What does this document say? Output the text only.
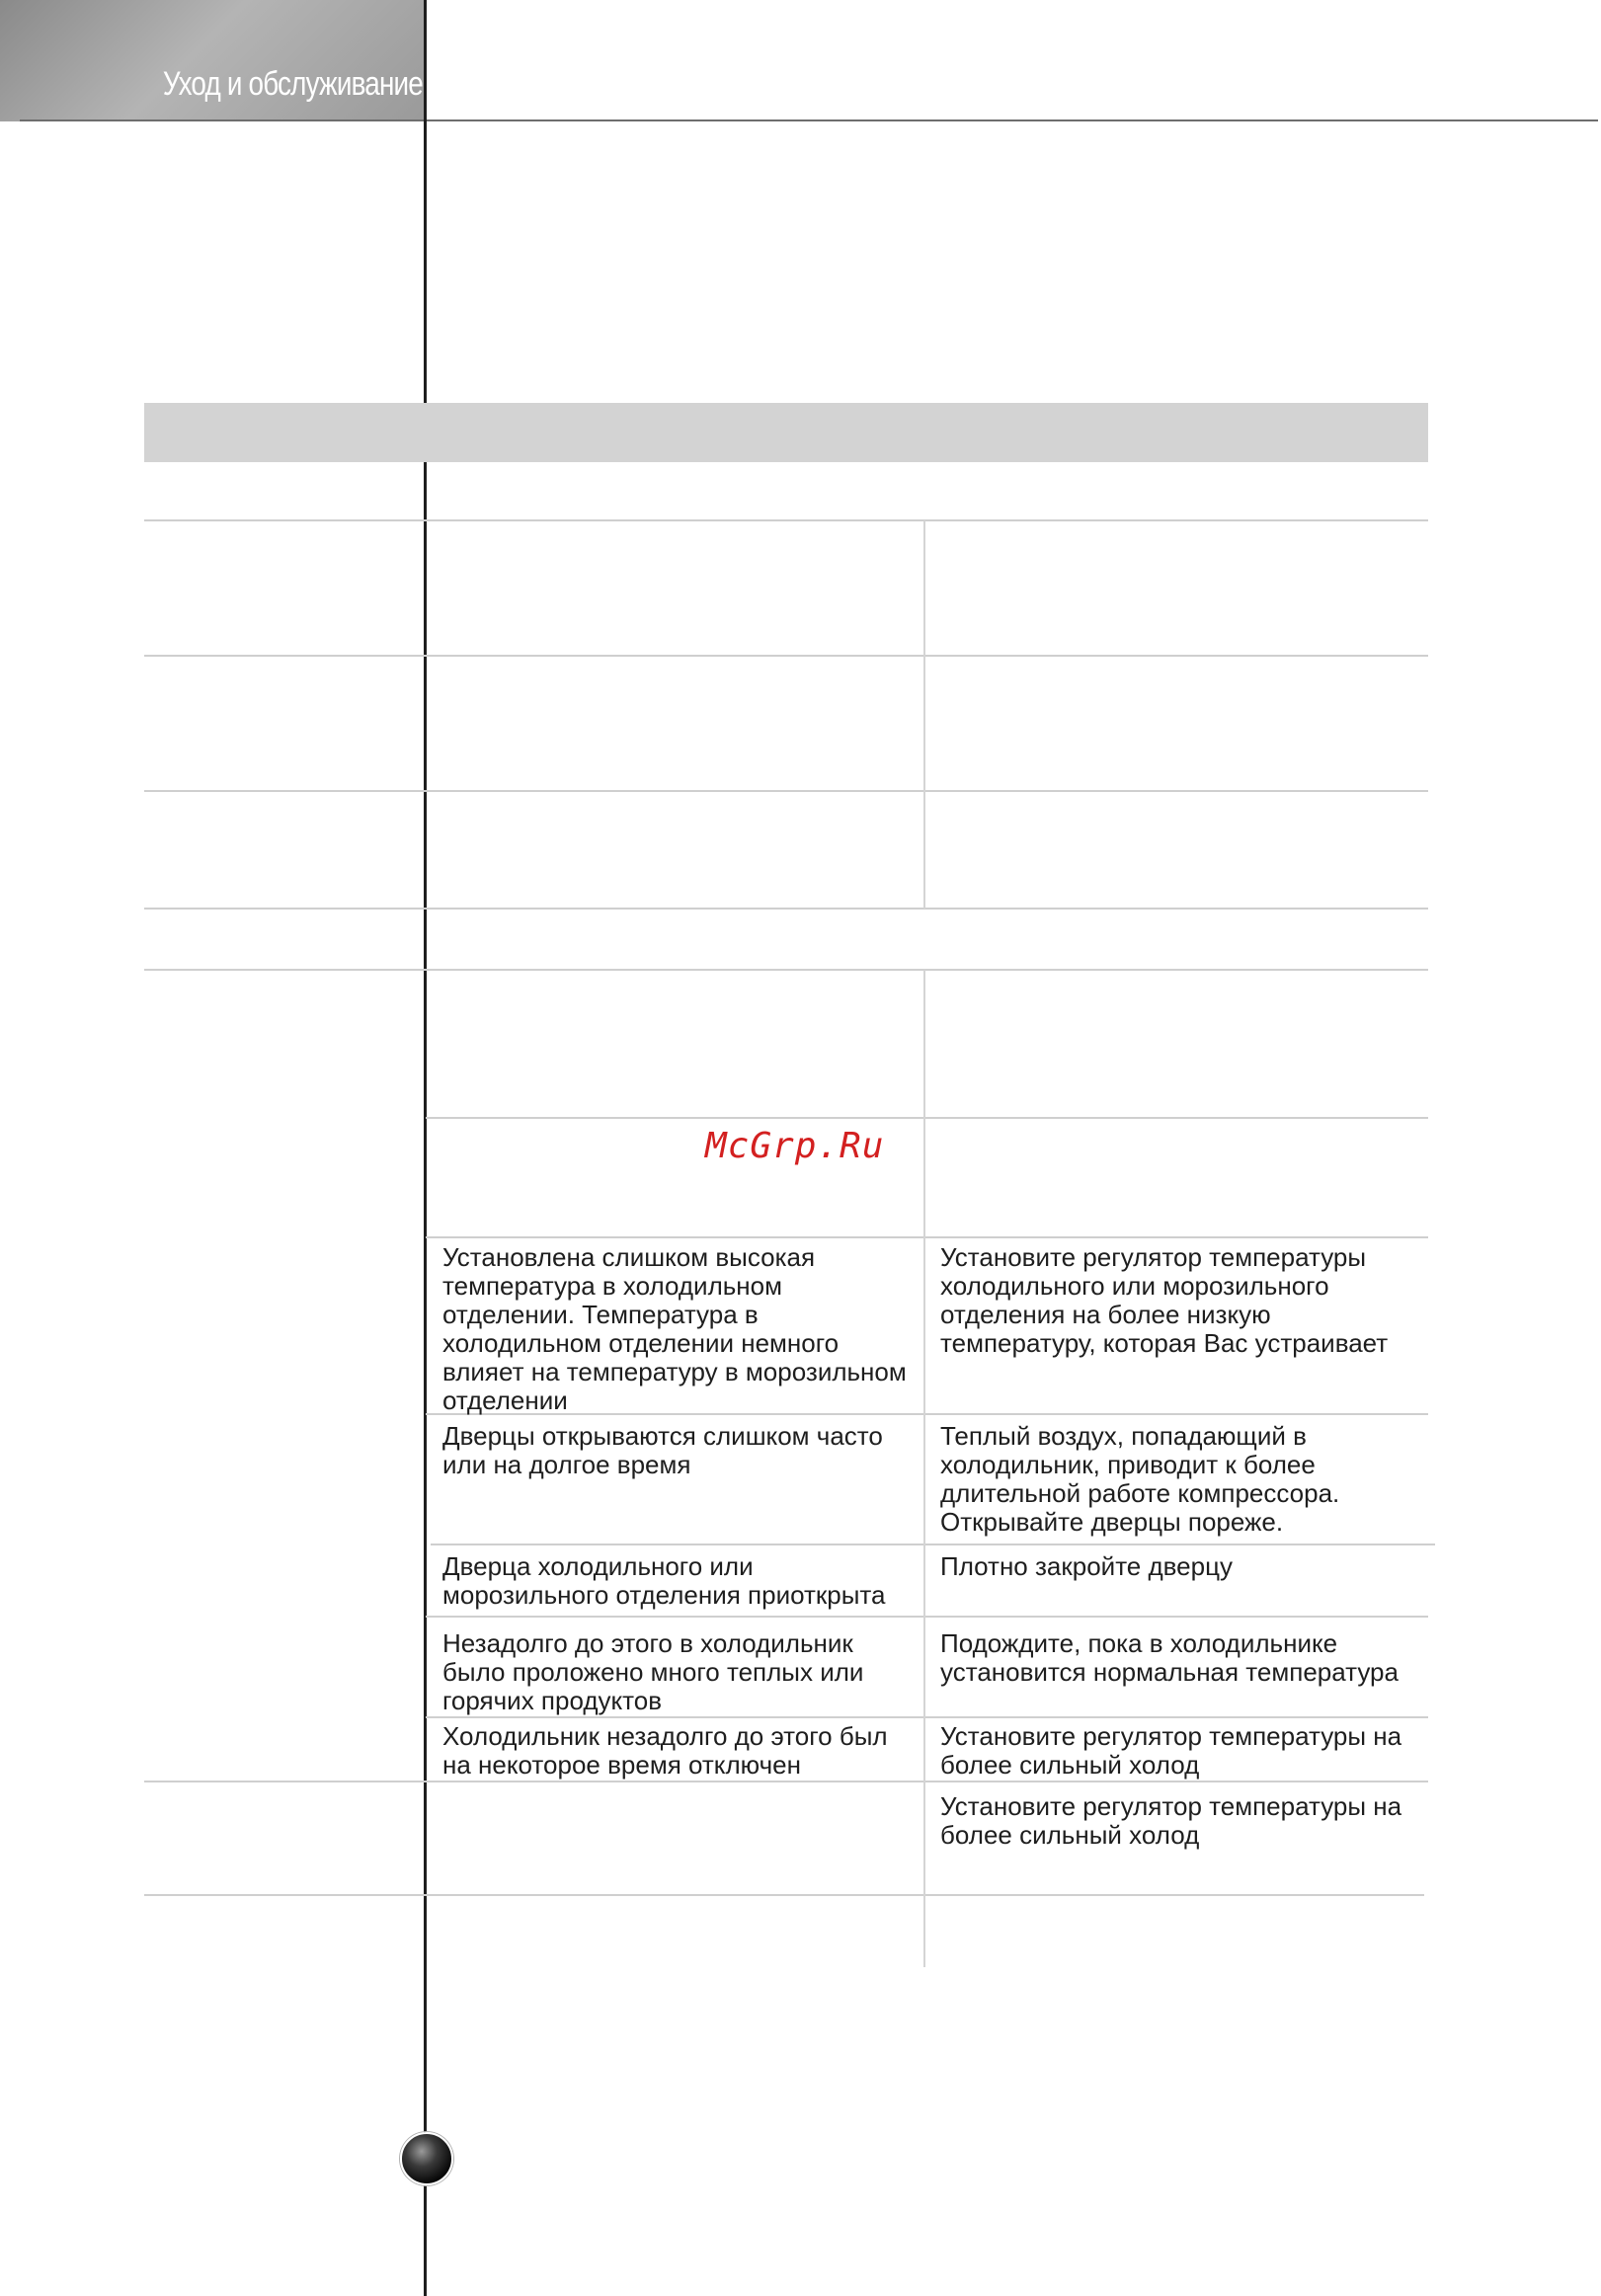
Уход и обслуживание
McGrp.Ru
Установлена слишком высокая
температура в холодильном
отделении. Температура в
холодильном отделении немного
влияет на температуру в морозильном
отделении
Установите регулятор температуры
холодильного или морозильного
отделения на более низкую
температуру, которая Вас устраивает
Дверцы открываются слишком часто
или на долгое время
Теплый воздух, попадающий в
холодильник, приводит к более
длительной работе компрессора.
Открывайте дверцы пореже.
Дверца холодильного или
морозильного отделения приоткрыта
Плотно закройте дверцу
Незадолго до этого в холодильник
было проложено много теплых или
горячих продуктов
Подождите, пока в холодильнике
установится нормальная температура
Холодильник незадолго до этого был
на некоторое время отключен
Установите регулятор температуры на
более сильный холод
Установите регулятор температуры на
более сильный холод
